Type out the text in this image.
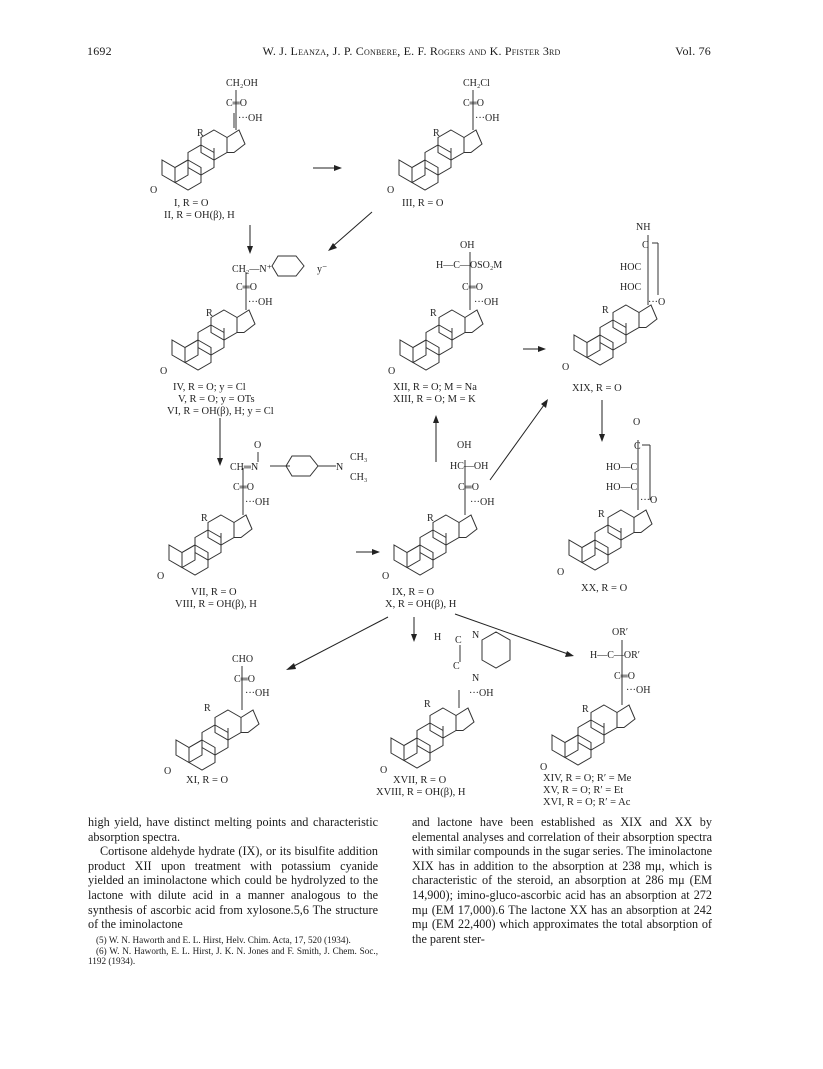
1692	W. J. Leanza, J. P. Conbere, E. F. Rogers and K. Pfister 3rd	Vol. 76
CH₂OH
C═O
···OH
R
O
I, R = O
II, R = OH(β), H
CH₂Cl
C═O
···OH
R
O
III, R = O
CH₂—N⁺	y⁻
C═O
···OH
R
O
IV, R = O; y = Cl
V, R = O; y = OTs
VI, R = OH(β), H; y = Cl
OH
H—C—OSO₂M
C═O
···OH
R
O
XII, R = O; M = Na
XIII, R = O; M = K
NH
C
HOC
HOC
···O
R
O
XIX, R = O
O
CH═N	N
CH₃
CH₃
C═O
···OH
R
O
VII, R = O
VIII, R = OH(β), H
OH
HC—OH
C═O
···OH
R
O
IX, R = O
X, R = OH(β), H
O
C
HO—C
HO—C
···O
R
O
XX, R = O
CHO
C═O
···OH
R
O
XI, R = O
H C N
C
N
···OH
R
O
XVII, R = O
XVIII, R = OH(β), H
OR′
H—C—OR′
C═O
···OH
R
O
XIV, R = O; R′ = Me
XV, R = O; R′ = Et
XVI, R = O; R′ = Ac

high yield, have distinct melting points and characteristic absorption spectra.

Cortisone aldehyde hydrate (IX), or its bisulfite addition product XII upon treatment with potassium cyanide yielded an iminolactone which could be hydrolyzed to the lactone with dilute acid in a manner analogous to the synthesis of ascorbic acid from xylosone.5,6 The structure of the iminolactone

(5) W. N. Haworth and E. L. Hirst, Helv. Chim. Acta, 17, 520 (1934).

(6) W. N. Haworth, E. L. Hirst, J. K. N. Jones and F. Smith, J. Chem. Soc., 1192 (1934).

and lactone have been established as XIX and XX by elemental analyses and correlation of their absorption spectra with similar compounds in the sugar series. The iminolactone XIX has in addition to the absorption at 238 mμ, which is characteristic of the steroid, an absorption at 286 mμ (EM 14,900); imino-gluco-ascorbic acid has an absorption at 272 mμ (EM 17,000).6 The lactone XX has an absorption at 242 mμ (EM 22,400) which approximates the total absorption of the parent ster-
